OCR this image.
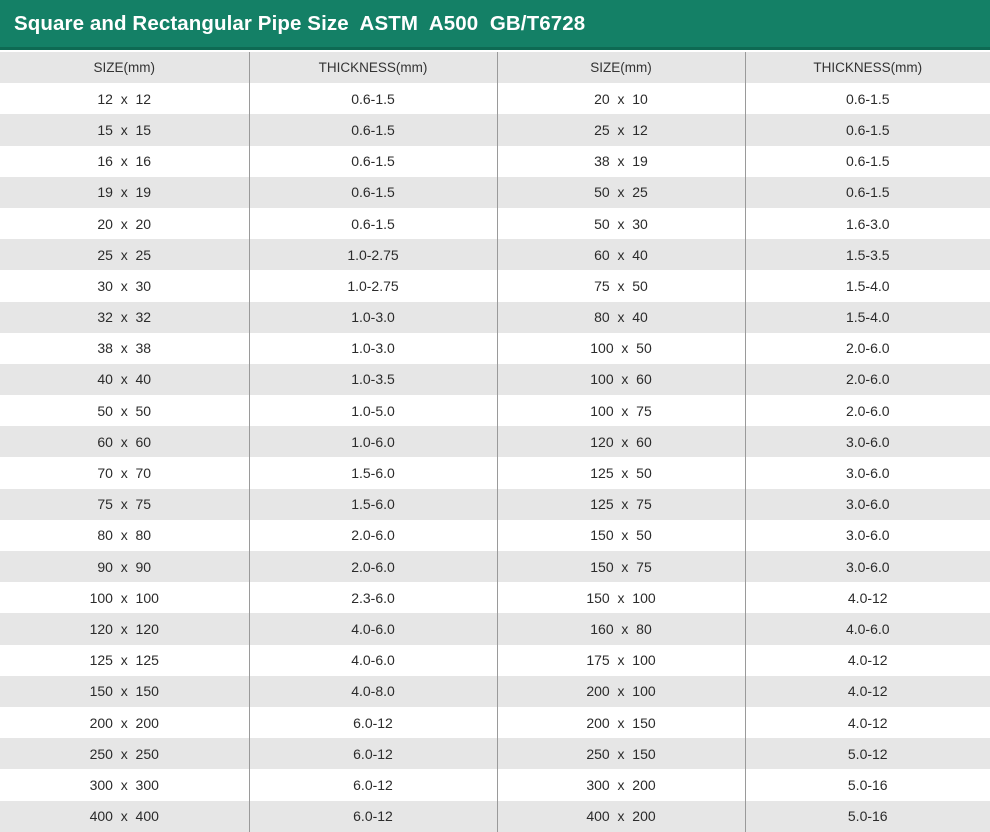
Square and Rectangular Pipe Size  ASTM  A500  GB/T6728
SIZE(mm)	THICKNESS(mm)	SIZE(mm)	THICKNESS(mm)
12  x  12	0.6-1.5	20  x  10	0.6-1.5
15  x  15	0.6-1.5	25  x  12	0.6-1.5
16  x  16	0.6-1.5	38  x  19	0.6-1.5
19  x  19	0.6-1.5	50  x  25	0.6-1.5
20  x  20	0.6-1.5	50  x  30	1.6-3.0
25  x  25	1.0-2.75	60  x  40	1.5-3.5
30  x  30	1.0-2.75	75  x  50	1.5-4.0
32  x  32	1.0-3.0	80  x  40	1.5-4.0
38  x  38	1.0-3.0	100  x  50	2.0-6.0
40  x  40	1.0-3.5	100  x  60	2.0-6.0
50  x  50	1.0-5.0	100  x  75	2.0-6.0
60  x  60	1.0-6.0	120  x  60	3.0-6.0
70  x  70	1.5-6.0	125  x  50	3.0-6.0
75  x  75	1.5-6.0	125  x  75	3.0-6.0
80  x  80	2.0-6.0	150  x  50	3.0-6.0
90  x  90	2.0-6.0	150  x  75	3.0-6.0
100  x  100	2.3-6.0	150  x  100	4.0-12
120  x  120	4.0-6.0	160  x  80	4.0-6.0
125  x  125	4.0-6.0	175  x  100	4.0-12
150  x  150	4.0-8.0	200  x  100	4.0-12
200  x  200	6.0-12	200  x  150	4.0-12
250  x  250	6.0-12	250  x  150	5.0-12
300  x  300	6.0-12	300  x  200	5.0-16
400  x  400	6.0-12	400  x  200	5.0-16
